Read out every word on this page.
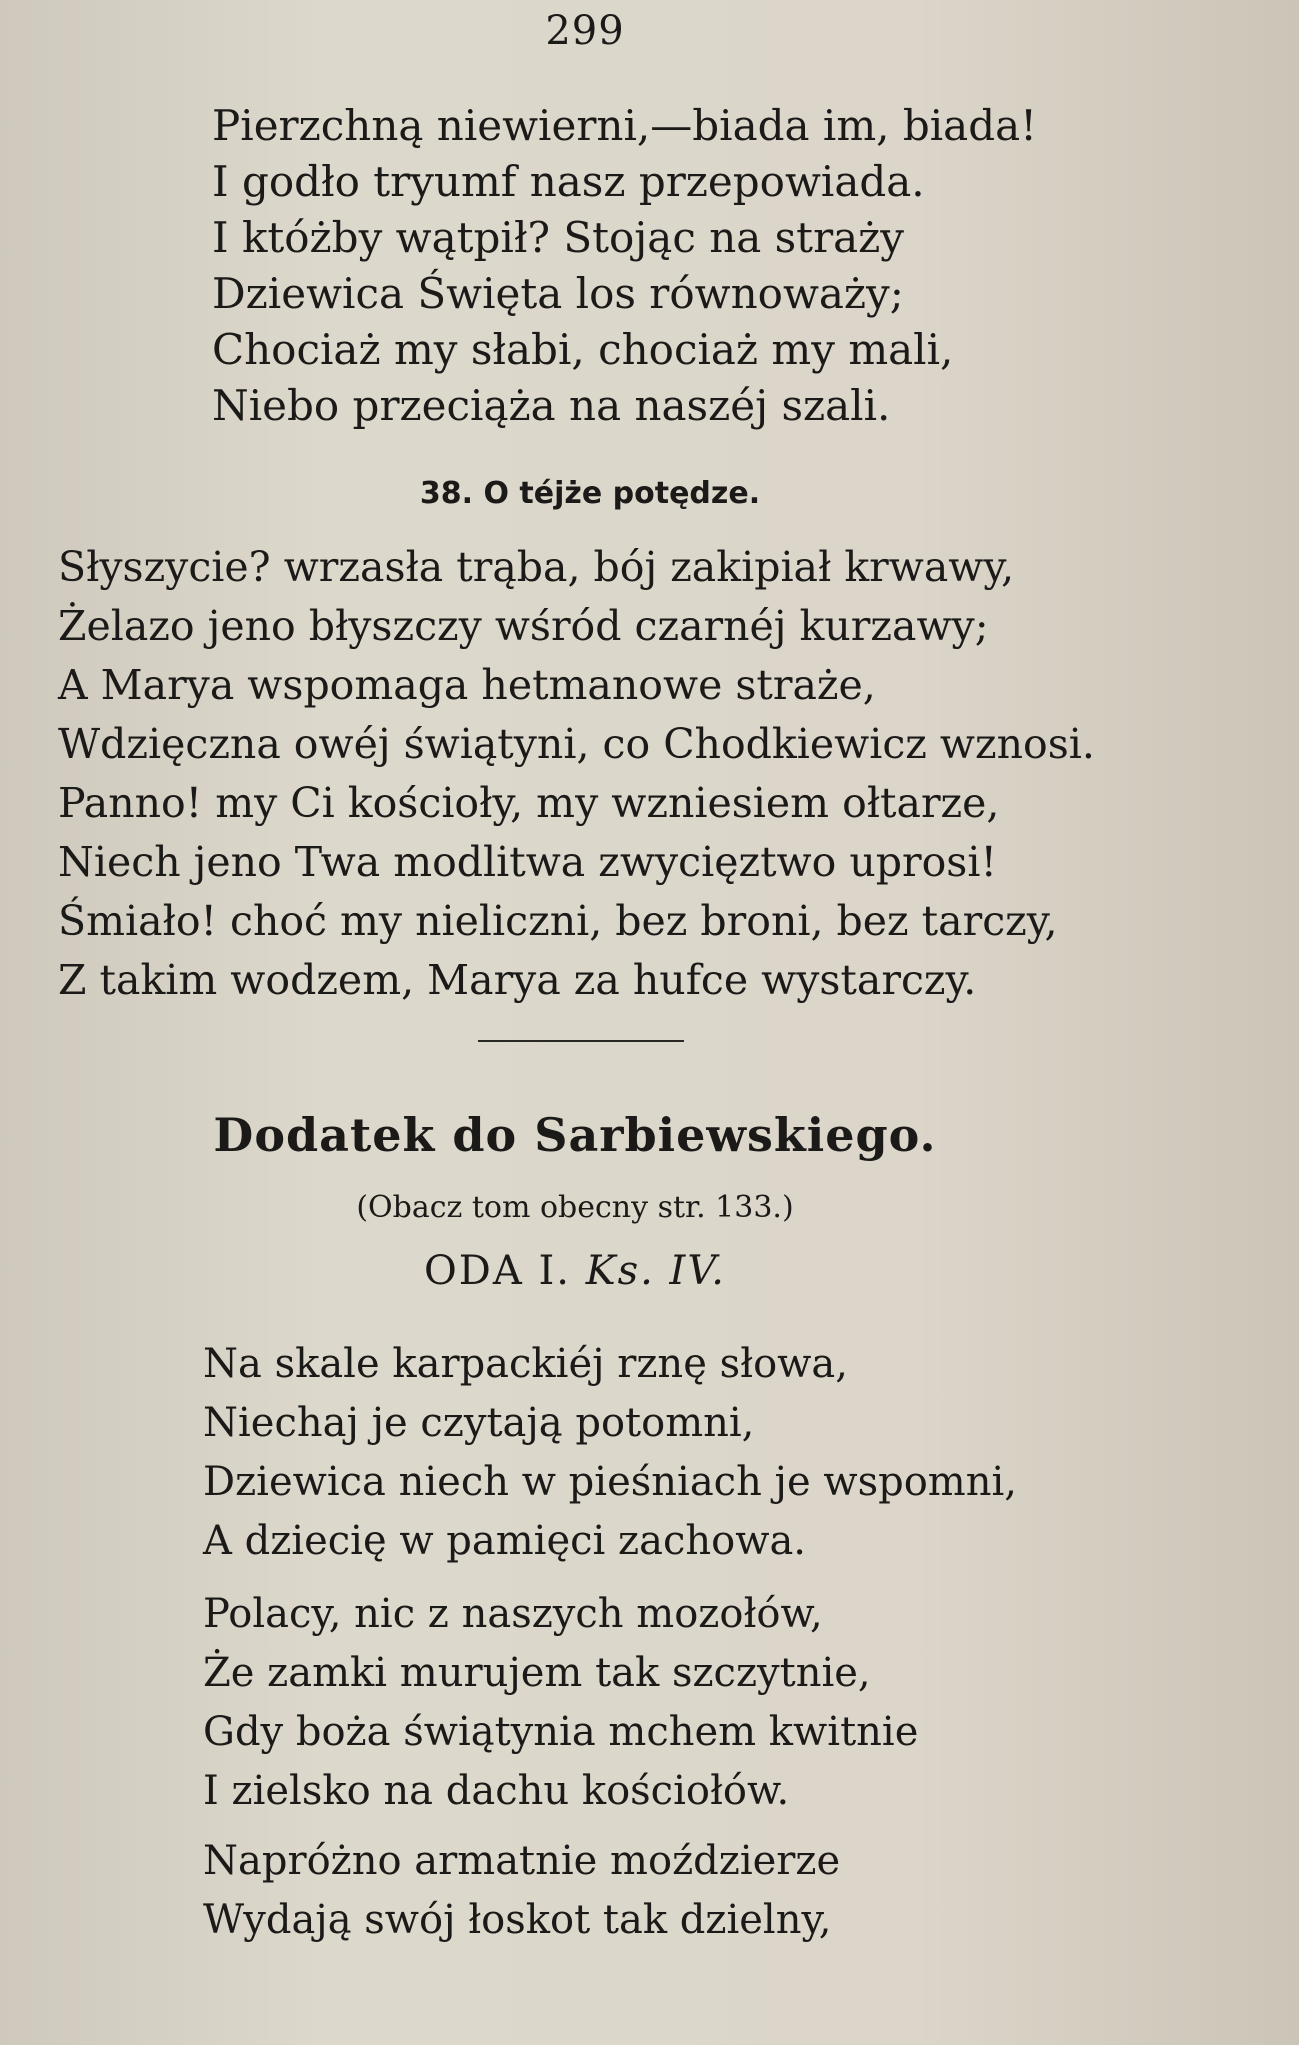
299
Pierzchną niewierni,—biada im, biada!
I godło tryumf nasz przepowiada.
I któżby wątpił? Stojąc na straży
Dziewica Święta los równoważy;
Chociaż my słabi, chociaż my mali,
Niebo przeciąża na naszéj szali.
38. O téjże potędze.
Słyszycie? wrzasła trąba, bój zakipiał krwawy,
Żelazo jeno błyszczy wśród czarnéj kurzawy;
A Marya wspomaga hetmanowe straże,
Wdzięczna owéj świątyni, co Chodkiewicz wznosi.
Panno! my Ci kościoły, my wzniesiem ołtarze,
Niech jeno Twa modlitwa zwycięztwo uprosi!
Śmiało! choć my nieliczni, bez broni, bez tarczy,
Z takim wodzem, Marya za hufce wystarczy.
Dodatek do Sarbiewskiego.
(Obacz tom obecny str. 133.)
ODA I. Ks. IV.
Na skale karpackiéj rznę słowa,
Niechaj je czytają potomni,
Dziewica niech w pieśniach je wspomni,
A dziecię w pamięci zachowa.
Polacy, nic z naszych mozołów,
Że zamki murujem tak szczytnie,
Gdy boża świątynia mchem kwitnie
I zielsko na dachu kościołów.
Napróżno armatnie moździerze
Wydają swój łoskot tak dzielny,
